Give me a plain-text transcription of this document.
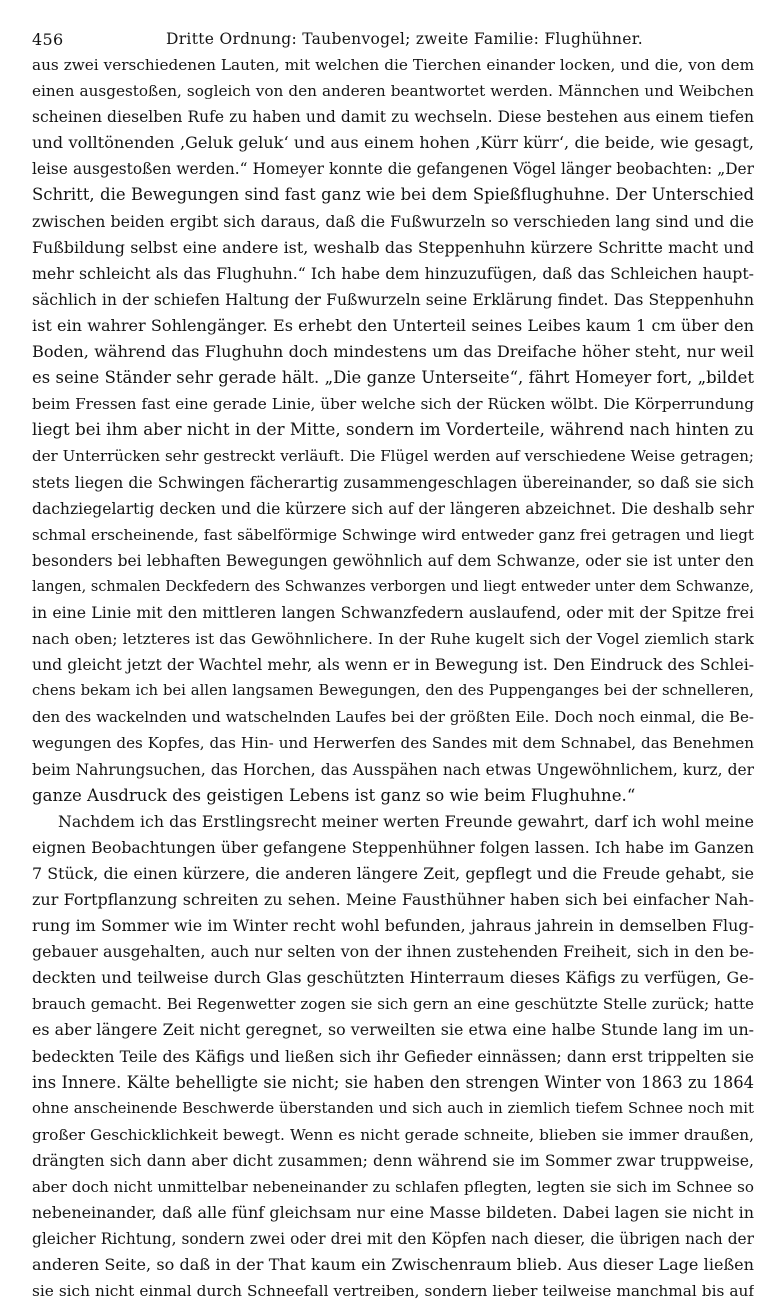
456	Dritte Ordnung: Taubenvogel; zweite Familie: Flughühner.
aus zwei verschiedenen Lauten, mit welchen die Tierchen einander locken, und die, von dem
einen ausgestoßen, sogleich von den anderen beantwortet werden. Männchen und Weibchen
scheinen dieselben Rufe zu haben und damit zu wechseln. Diese bestehen aus einem tiefen
und volltönenden ‚Geluk geluk‘ und aus einem hohen ‚Kürr kürr‘, die beide, wie gesagt,
leise ausgestoßen werden.“ Homeyer konnte die gefangenen Vögel länger beobachten: „Der
Schritt, die Bewegungen sind fast ganz wie bei dem Spießflughuhne. Der Unterschied
zwischen beiden ergibt sich daraus, daß die Fußwurzeln so verschieden lang sind und die
Fußbildung selbst eine andere ist, weshalb das Steppenhuhn kürzere Schritte macht und
mehr schleicht als das Flughuhn.“ Ich habe dem hinzuzufügen, daß das Schleichen haupt-
sächlich in der schiefen Haltung der Fußwurzeln seine Erklärung findet. Das Steppenhuhn
ist ein wahrer Sohlengänger. Es erhebt den Unterteil seines Leibes kaum 1 cm über den
Boden, während das Flughuhn doch mindestens um das Dreifache höher steht, nur weil
es seine Ständer sehr gerade hält. „Die ganze Unterseite“, fährt Homeyer fort, „bildet
beim Fressen fast eine gerade Linie, über welche sich der Rücken wölbt. Die Körperrundung
liegt bei ihm aber nicht in der Mitte, sondern im Vorderteile, während nach hinten zu
der Unterrücken sehr gestreckt verläuft. Die Flügel werden auf verschiedene Weise getragen;
stets liegen die Schwingen fächerartig zusammengeschlagen übereinander, so daß sie sich
dachziegelartig decken und die kürzere sich auf der längeren abzeichnet. Die deshalb sehr
schmal erscheinende, fast säbelförmige Schwinge wird entweder ganz frei getragen und liegt
besonders bei lebhaften Bewegungen gewöhnlich auf dem Schwanze, oder sie ist unter den
langen, schmalen Deckfedern des Schwanzes verborgen und liegt entweder unter dem Schwanze,
in eine Linie mit den mittleren langen Schwanzfedern auslaufend, oder mit der Spitze frei
nach oben; letzteres ist das Gewöhnlichere. In der Ruhe kugelt sich der Vogel ziemlich stark
und gleicht jetzt der Wachtel mehr, als wenn er in Bewegung ist. Den Eindruck des Schlei-
chens bekam ich bei allen langsamen Bewegungen, den des Puppenganges bei der schnelleren,
den des wackelnden und watschelnden Laufes bei der größten Eile. Doch noch einmal, die Be-
wegungen des Kopfes, das Hin- und Herwerfen des Sandes mit dem Schnabel, das Benehmen
beim Nahrungsuchen, das Horchen, das Ausspähen nach etwas Ungewöhnlichem, kurz, der
ganze Ausdruck des geistigen Lebens ist ganz so wie beim Flughuhne.“
Nachdem ich das Erstlingsrecht meiner werten Freunde gewahrt, darf ich wohl meine
eignen Beobachtungen über gefangene Steppenhühner folgen lassen. Ich habe im Ganzen
7 Stück, die einen kürzere, die anderen längere Zeit, gepflegt und die Freude gehabt, sie
zur Fortpflanzung schreiten zu sehen. Meine Fausthühner haben sich bei einfacher Nah-
rung im Sommer wie im Winter recht wohl befunden, jahraus jahrein in demselben Flug-
gebauer ausgehalten, auch nur selten von der ihnen zustehenden Freiheit, sich in den be-
deckten und teilweise durch Glas geschützten Hinterraum dieses Käfigs zu verfügen, Ge-
brauch gemacht. Bei Regenwetter zogen sie sich gern an eine geschützte Stelle zurück; hatte
es aber längere Zeit nicht geregnet, so verweilten sie etwa eine halbe Stunde lang im un-
bedeckten Teile des Käfigs und ließen sich ihr Gefieder einnässen; dann erst trippelten sie
ins Innere. Kälte behelligte sie nicht; sie haben den strengen Winter von 1863 zu 1864
ohne anscheinende Beschwerde überstanden und sich auch in ziemlich tiefem Schnee noch mit
großer Geschicklichkeit bewegt. Wenn es nicht gerade schneite, blieben sie immer draußen,
drängten sich dann aber dicht zusammen; denn während sie im Sommer zwar truppweise,
aber doch nicht unmittelbar nebeneinander zu schlafen pflegten, legten sie sich im Schnee so
nebeneinander, daß alle fünf gleichsam nur eine Masse bildeten. Dabei lagen sie nicht in
gleicher Richtung, sondern zwei oder drei mit den Köpfen nach dieser, die übrigen nach der
anderen Seite, so daß in der That kaum ein Zwischenraum blieb. Aus dieser Lage ließen
sie sich nicht einmal durch Schneefall vertreiben, sondern lieber teilweise manchmal bis auf
